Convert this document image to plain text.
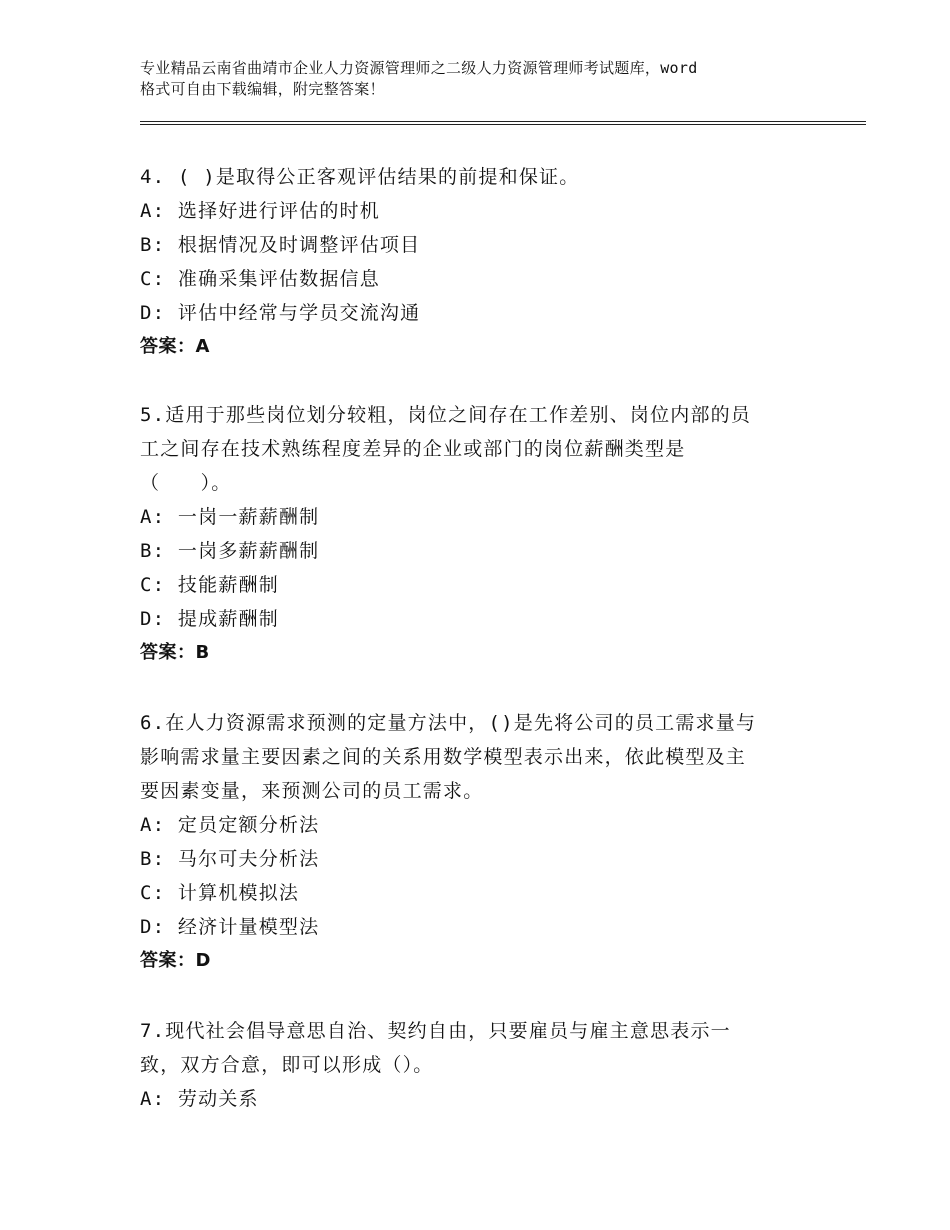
专业精品云南省曲靖市企业人力资源管理师之二级人力资源管理师考试题库，word
格式可自由下载编辑，附完整答案！
4. ( )是取得公正客观评估结果的前提和保证。
A: 选择好进行评估的时机
B: 根据情况及时调整评估项目
C: 准确采集评估数据信息
D: 评估中经常与学员交流沟通
答案：A
5.适用于那些岗位划分较粗，岗位之间存在工作差别、岗位内部的员
工之间存在技术熟练程度差异的企业或部门的岗位薪酬类型是
（　　）。
A: 一岗一薪薪酬制
B: 一岗多薪薪酬制
C: 技能薪酬制
D: 提成薪酬制
答案：B
6.在人力资源需求预测的定量方法中，()是先将公司的员工需求量与
影响需求量主要因素之间的关系用数学模型表示出来，依此模型及主
要因素变量，来预测公司的员工需求。
A: 定员定额分析法
B: 马尔可夫分析法
C: 计算机模拟法
D: 经济计量模型法
答案：D
7.现代社会倡导意思自治、契约自由，只要雇员与雇主意思表示一
致，双方合意，即可以形成（）。
A: 劳动关系
